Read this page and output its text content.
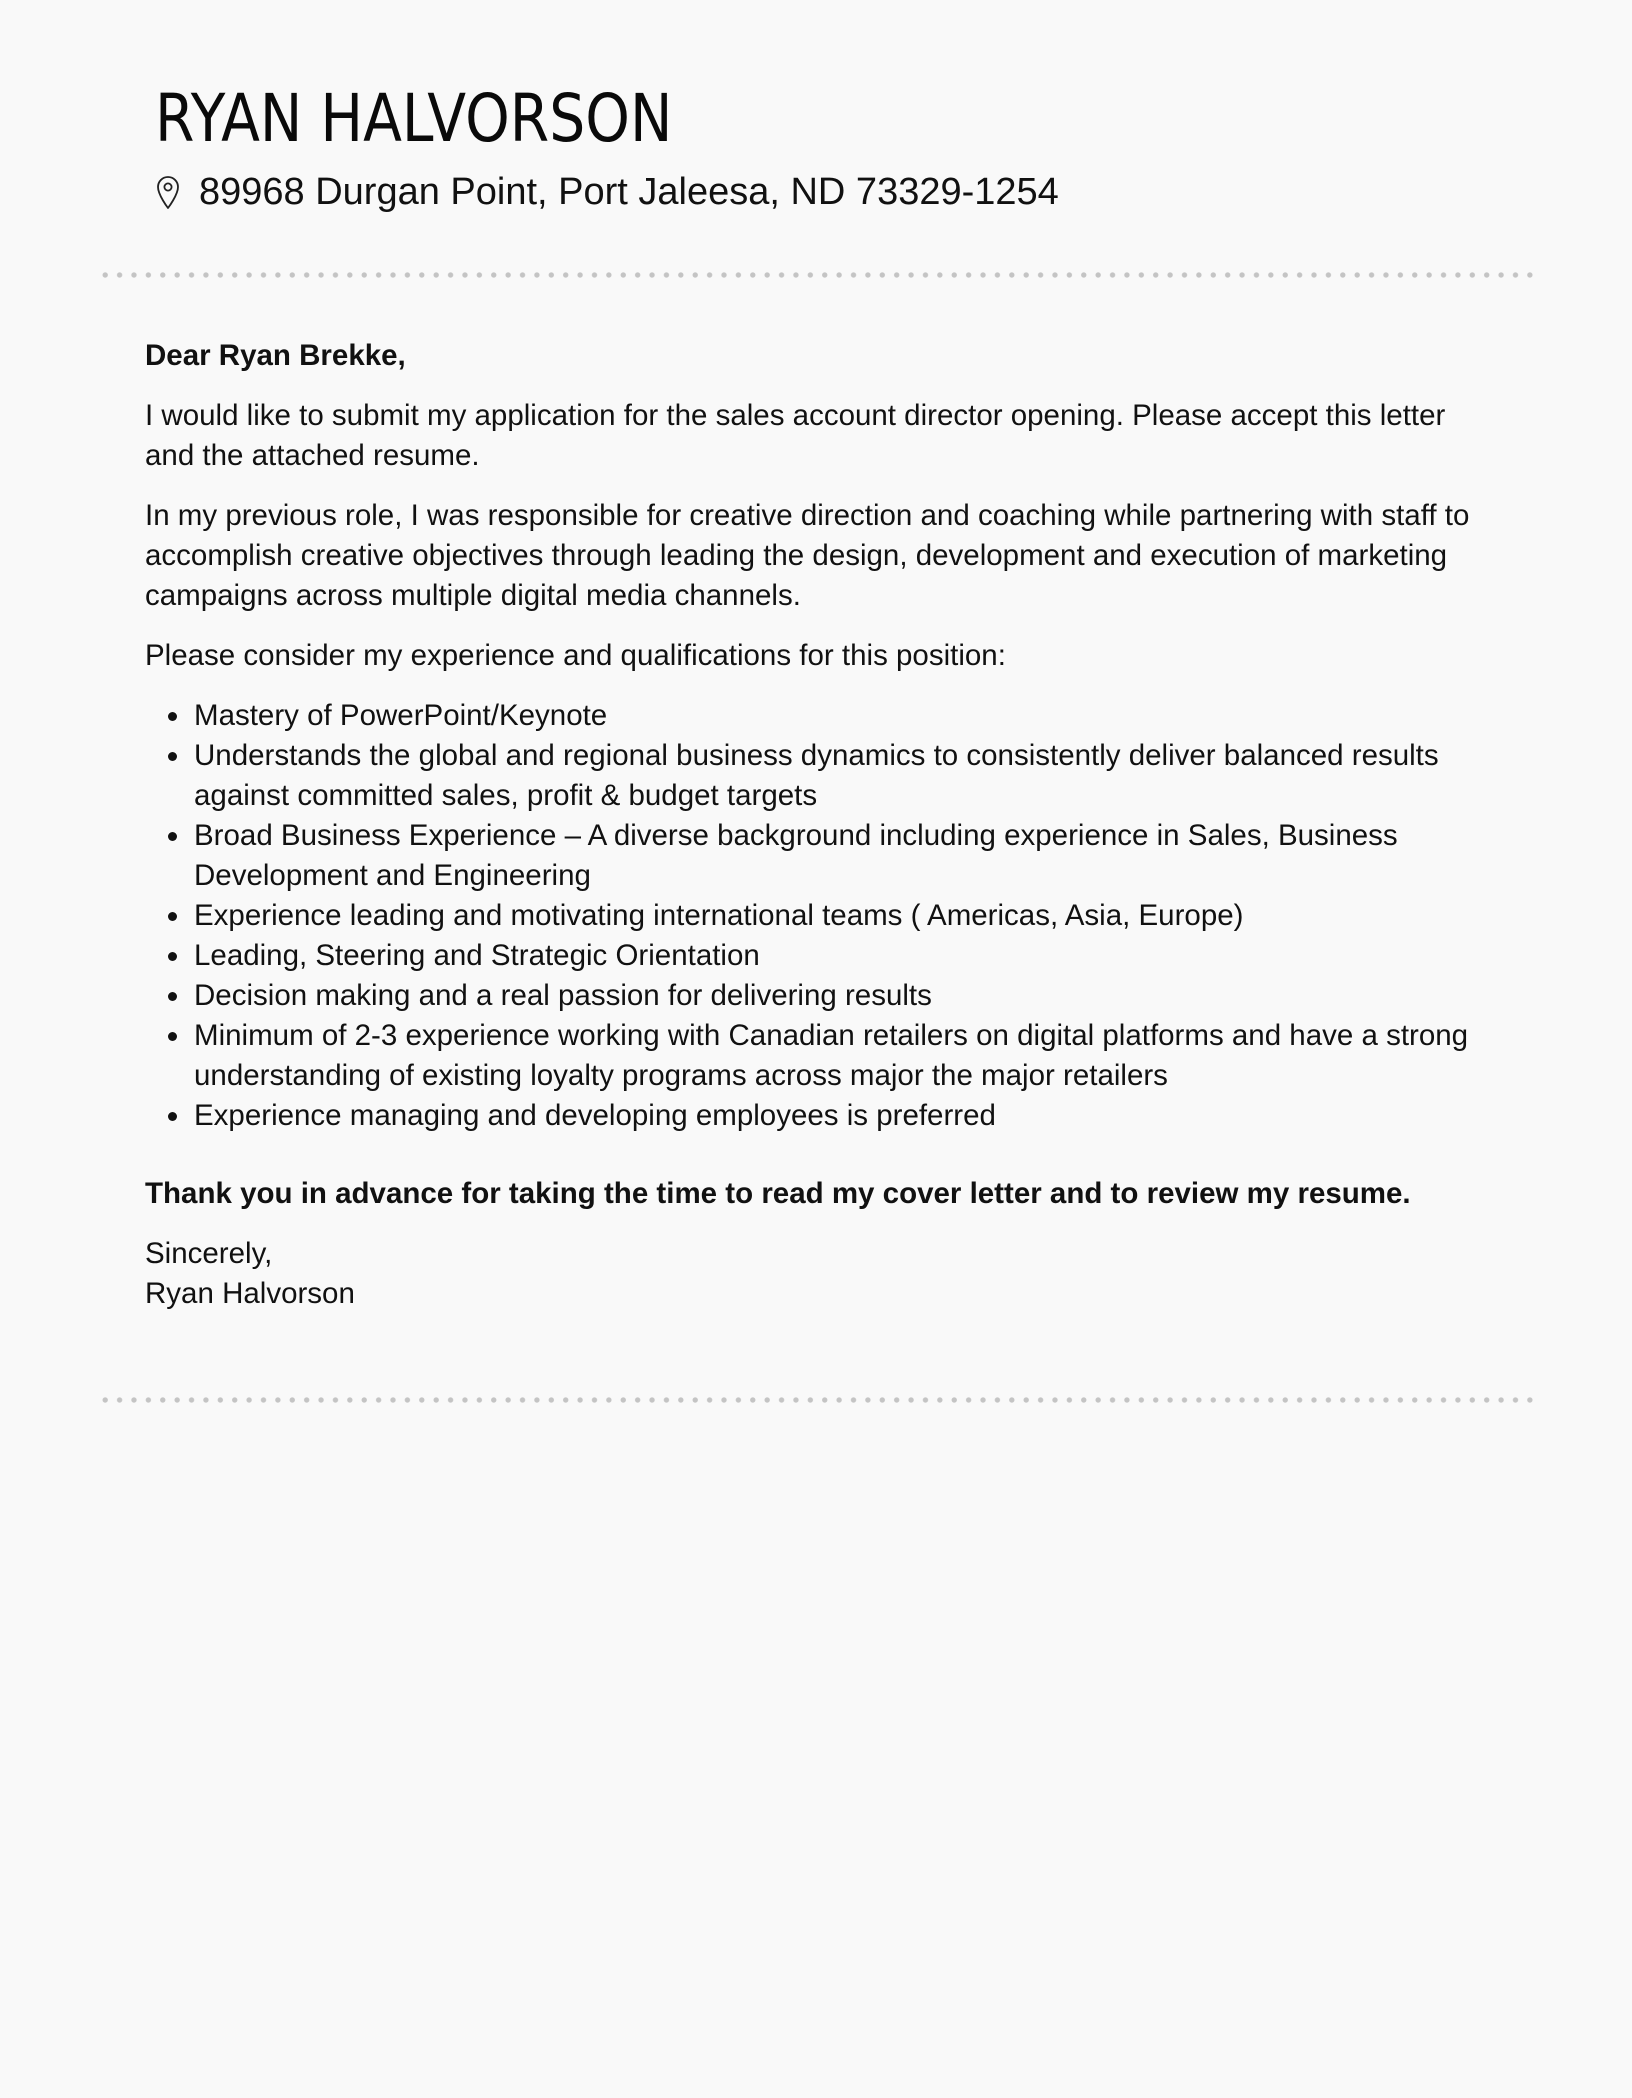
RYAN HALVORSON
89968 Durgan Point, Port Jaleesa, ND 73329-1254

Dear Ryan Brekke,

I would like to submit my application for the sales account director opening. Please accept this letter and the attached resume.

In my previous role, I was responsible for creative direction and coaching while partnering with staff to accomplish creative objectives through leading the design, development and execution of marketing campaigns across multiple digital media channels.

Please consider my experience and qualifications for this position:

Mastery of PowerPoint/Keynote
Understands the global and regional business dynamics to consistently deliver balanced results against committed sales, profit & budget targets
Broad Business Experience – A diverse background including experience in Sales, Business Development and Engineering
Experience leading and motivating international teams ( Americas, Asia, Europe)
Leading, Steering and Strategic Orientation
Decision making and a real passion for delivering results
Minimum of 2-3 experience working with Canadian retailers on digital platforms and have a strong understanding of existing loyalty programs across major the major retailers
Experience managing and developing employees is preferred

Thank you in advance for taking the time to read my cover letter and to review my resume.

Sincerely,

Ryan Halvorson
